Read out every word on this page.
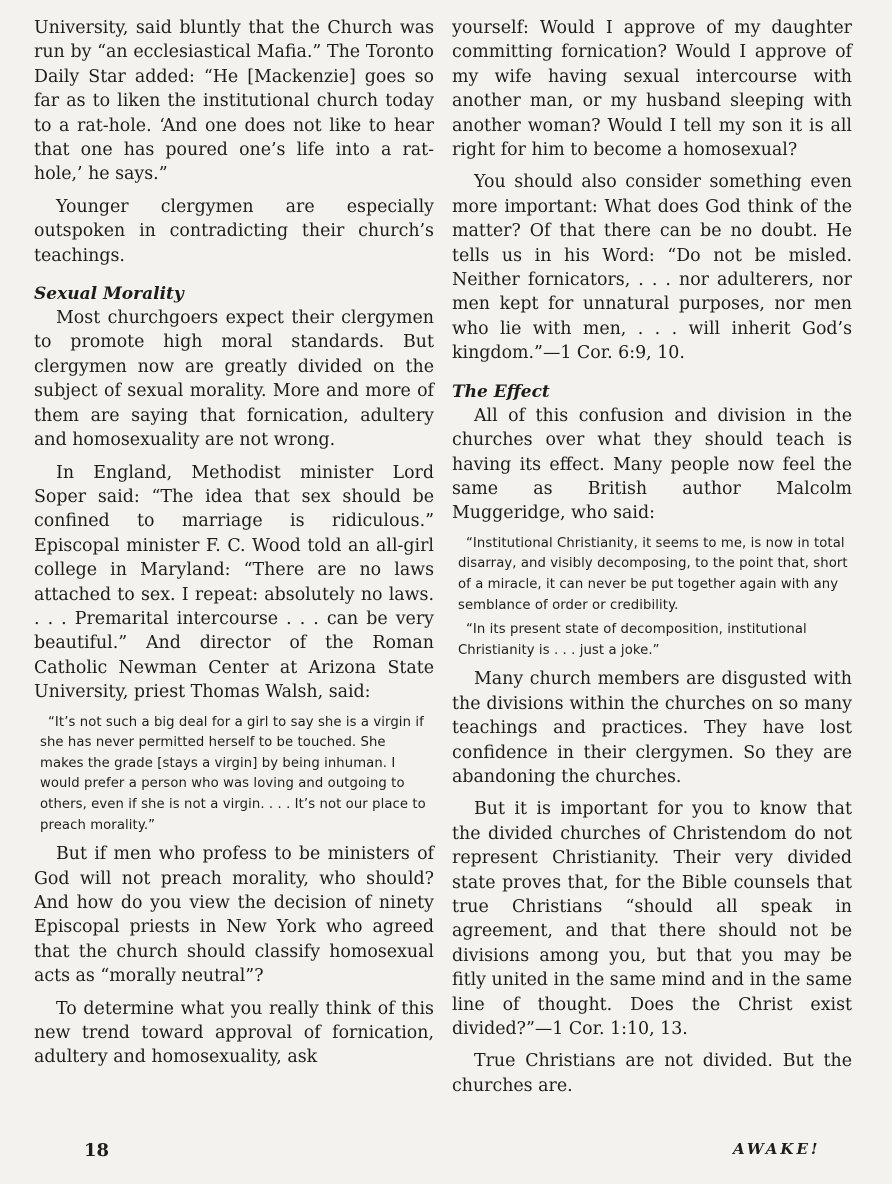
University, said bluntly that the Church was run by “an ecclesiastical Mafia.” The Toronto Daily Star added: “He [Mackenzie] goes so far as to liken the institutional church today to a rat-hole. ‘And one does not like to hear that one has poured one’s life into a rat-hole,’ he says.”

Younger clergymen are especially outspoken in contradicting their church’s teachings.

Sexual Morality

Most churchgoers expect their clergymen to promote high moral standards. But clergymen now are greatly divided on the subject of sexual morality. More and more of them are saying that fornication, adultery and homosexuality are not wrong.

In England, Methodist minister Lord Soper said: “The idea that sex should be confined to marriage is ridiculous.” Episcopal minister F. C. Wood told an all-girl college in Maryland: “There are no laws attached to sex. I repeat: absolutely no laws. . . . Premarital intercourse . . . can be very beautiful.” And director of the Roman Catholic Newman Center at Arizona State University, priest Thomas Walsh, said:

“It’s not such a big deal for a girl to say she is a virgin if she has never permitted herself to be touched. She makes the grade [stays a virgin] by being inhuman. I would prefer a person who was loving and outgoing to others, even if she is not a virgin. . . . It’s not our place to preach morality.”

But if men who profess to be ministers of God will not preach morality, who should? And how do you view the decision of ninety Episcopal priests in New York who agreed that the church should classify homosexual acts as “morally neutral”?

To determine what you really think of this new trend toward approval of fornication, adultery and homosexuality, ask

yourself: Would I approve of my daughter committing fornication? Would I approve of my wife having sexual intercourse with another man, or my husband sleeping with another woman? Would I tell my son it is all right for him to become a homosexual?

You should also consider something even more important: What does God think of the matter? Of that there can be no doubt. He tells us in his Word: “Do not be misled. Neither fornicators, . . . nor adulterers, nor men kept for unnatural purposes, nor men who lie with men, . . . will inherit God’s kingdom.”—1 Cor. 6:9, 10.

The Effect

All of this confusion and division in the churches over what they should teach is having its effect. Many people now feel the same as British author Malcolm Muggeridge, who said:

“Institutional Christianity, it seems to me, is now in total disarray, and visibly decomposing, to the point that, short of a miracle, it can never be put together again with any semblance of order or credibility.

“In its present state of decomposition, institutional Christianity is . . . just a joke.”

Many church members are disgusted with the divisions within the churches on so many teachings and practices. They have lost confidence in their clergymen. So they are abandoning the churches.

But it is important for you to know that the divided churches of Christendom do not represent Christianity. Their very divided state proves that, for the Bible counsels that true Christians “should all speak in agreement, and that there should not be divisions among you, but that you may be fitly united in the same mind and in the same line of thought. Does the Christ exist divided?”—1 Cor. 1:10, 13.

True Christians are not divided. But the churches are.

18	AWAKE!
